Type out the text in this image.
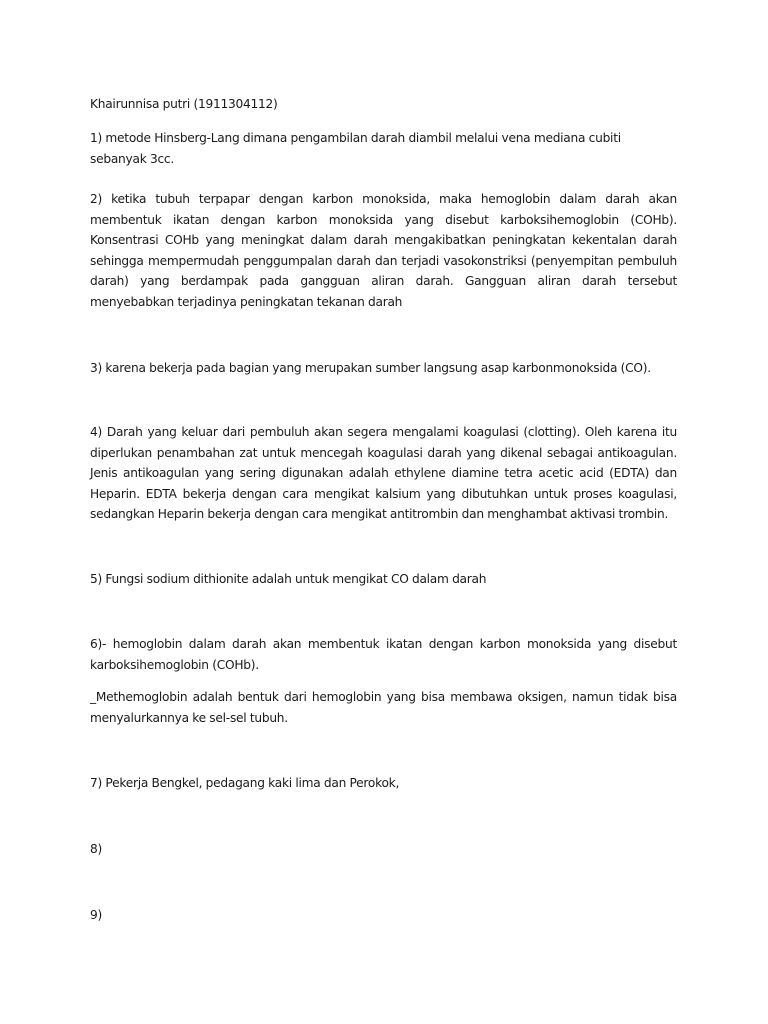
Khairunnisa putri (1911304112)
1) metode Hinsberg-Lang dimana pengambilan darah diambil melalui vena mediana cubiti sebanyak 3cc.
2) ketika tubuh terpapar dengan karbon monoksida, maka hemoglobin dalam darah akan membentuk ikatan dengan karbon monoksida yang disebut karboksihemoglobin (COHb). Konsentrasi COHb yang meningkat dalam darah mengakibatkan peningkatan kekentalan darah sehingga mempermudah penggumpalan darah dan terjadi vasokonstriksi (penyempitan pembuluh darah) yang berdampak pada gangguan aliran darah. Gangguan aliran darah tersebut menyebabkan terjadinya peningkatan tekanan darah
3) karena bekerja pada bagian yang merupakan sumber langsung asap karbonmonoksida (CO).
4) Darah yang keluar dari pembuluh akan segera mengalami koagulasi (clotting). Oleh karena itu diperlukan penambahan zat untuk mencegah koagulasi darah yang dikenal sebagai antikoagulan. Jenis antikoagulan yang sering digunakan adalah ethylene diamine tetra acetic acid (EDTA) dan Heparin. EDTA bekerja dengan cara mengikat kalsium yang dibutuhkan untuk proses koagulasi, sedangkan Heparin bekerja dengan cara mengikat antitrombin dan menghambat aktivasi trombin.
5) Fungsi sodium dithionite adalah untuk mengikat CO dalam darah
6)- hemoglobin dalam darah akan membentuk ikatan dengan karbon monoksida yang disebut karboksihemoglobin (COHb).
_Methemoglobin adalah bentuk dari hemoglobin yang bisa membawa oksigen, namun tidak bisa menyalurkannya ke sel-sel tubuh.
7) Pekerja Bengkel, pedagang kaki lima dan Perokok,
8)
9)
